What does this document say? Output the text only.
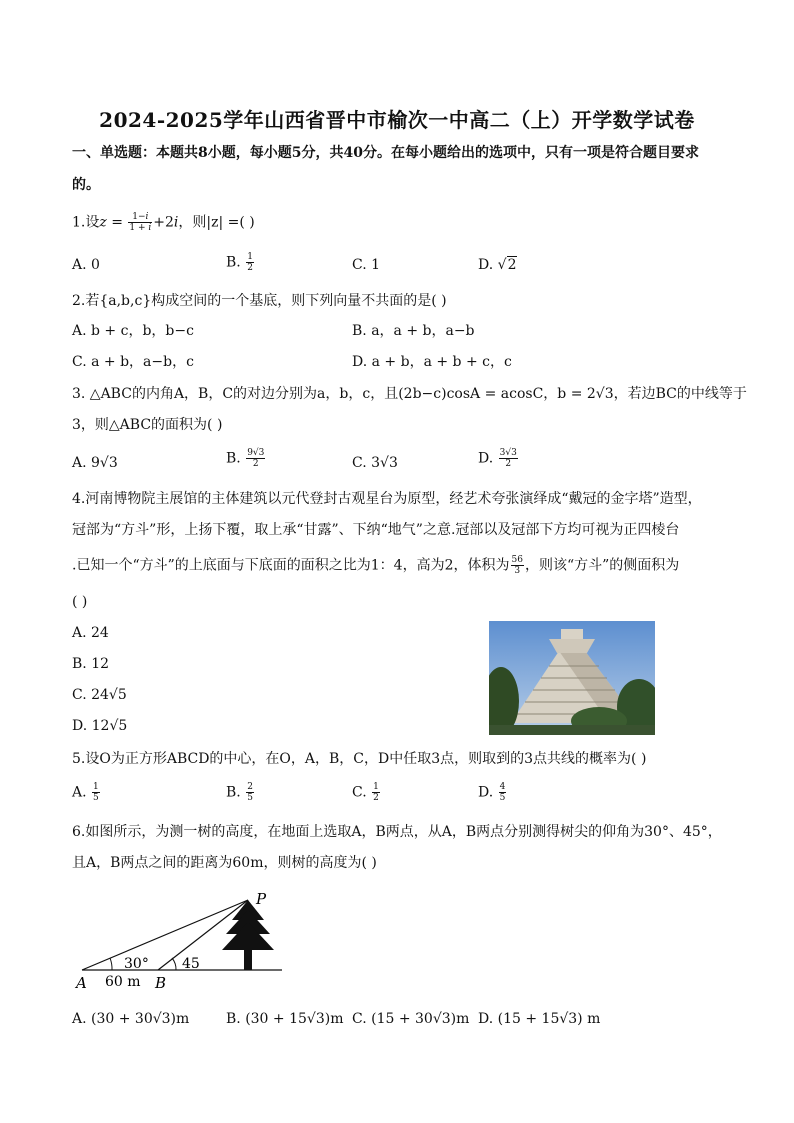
2024-2025学年山西省晋中市榆次一中高二（上）开学数学试卷
一、单选题：本题共8小题，每小题5分，共40分。在每小题给出的选项中，只有一项是符合题目要求
的。
1.设$z = \frac{1-i}{1 + i} +2i$，则|z| =( )
A. 0	B. $\frac{1}{2}$	C. 1	D. √2
2.若{a,b,c}构成空间的一个基底，则下列向量不共面的是( )
A. b + c，b，b−c	B. a，a + b，a−b
C. a + b，a−b，c	D. a + b，a + b + c，c
3. △ABC的内角A，B，C的对边分别为a，b，c，且(2b−c)cosA = acosC，b = 2√3，若边BC的中线等于
3，则△ABC的面积为( )
A. 9√3	B. $\frac{9√3}{2}$	C. 3√3	D. $\frac{3√3}{2}$
4.河南博物院主展馆的主体建筑以元代登封古观星台为原型，经艺术夸张演绎成“戴冠的金字塔”造型，
冠部为“方斗”形，上扬下覆，取上承“甘露”、下纳“地气”之意.冠部以及冠部下方均可视为正四棱台
.已知一个“方斗”的上底面与下底面的面积之比为1：4，高为2，体积为 $\frac{56}{3}$ ，则该“方斗”的侧面积为
( )
A. 24
B. 12
C. 24√5
D. 12√5
5.设O为正方形ABCD的中心，在O，A，B，C，D中任取3点，则取到的3点共线的概率为( )
A. $\frac{1}{5}$	B. $\frac{2}{5}$	C. $\frac{1}{2}$	D. $\frac{4}{5}$
6.如图所示，为测一树的高度，在地面上选取A，B两点，从A，B两点分别测得树尖的仰角为30°、45°，
且A，B两点之间的距离为60m，则树的高度为( )
P
30° 45
A 60 m B
A. (30 + 30√3)m	B. (30 + 15√3)m C. (15 + 30√3)m D. (15 + 15√3) m
